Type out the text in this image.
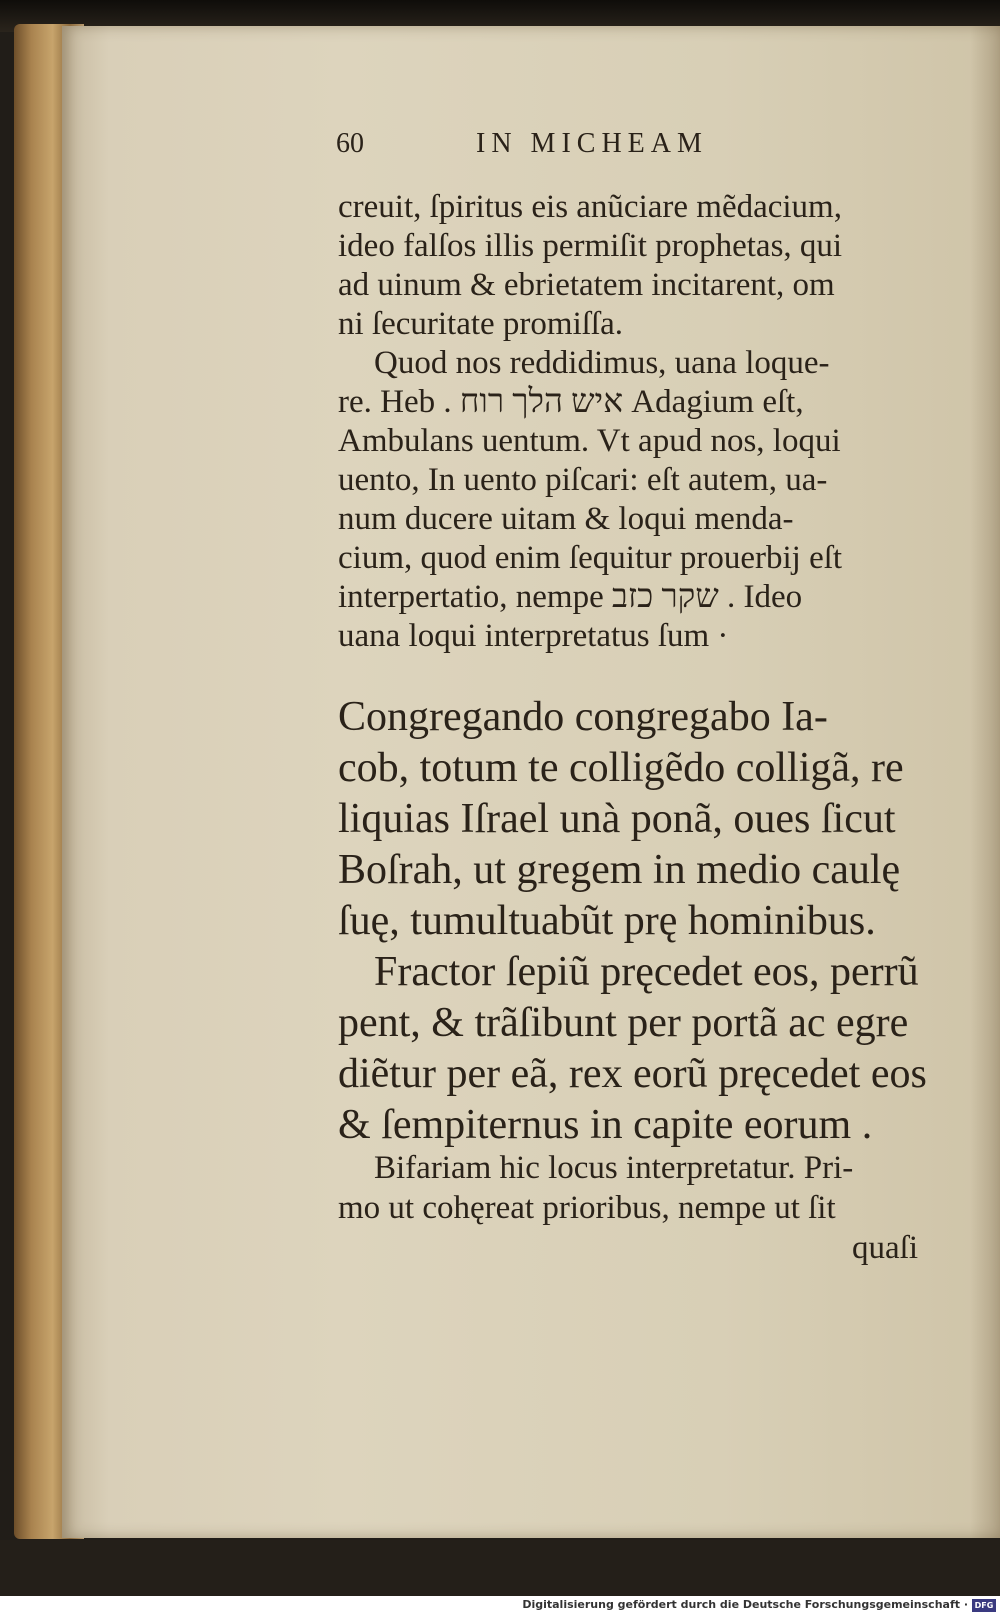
60	IN MICHEAM
creuit, ſpiritus eis anũciare mẽdacium,
ideo falſos illis permiſit prophetas, qui
ad uinum & ebrietatem incitarent, om
ni ſecuritate promiſſa.
Quod nos reddidimus, uana loque-
re. Heb . איש הלך רוח Adagium eſt,
Ambulans uentum. Vt apud nos, loqui
uento, In uento piſcari: eſt autem, ua-
num ducere uitam & loqui menda-
cium, quod enim ſequitur prouerbij eſt
interpertatio, nempe שקר כזב . Ideo
uana loqui interpretatus ſum ·
Congregando congregabo Ia-
cob, totum te colligẽdo colligã, re
liquias Iſrael unà ponã, oues ſicut
Boſrah, ut gregem in medio caulę
ſuę, tumultuabũt prę hominibus.
Fractor ſepiũ pręcedet eos, perrũ
pent, & trãſibunt per portã ac egre
diẽtur per eã, rex eorũ pręcedet eos
& ſempiternus in capite eorum .
Bifariam hic locus interpretatur. Pri-
mo ut cohęreat prioribus, nempe ut ſit
quaſi
Digitalisierung gefördert durch die Deutsche Forschungsgemeinschaft · DFG
